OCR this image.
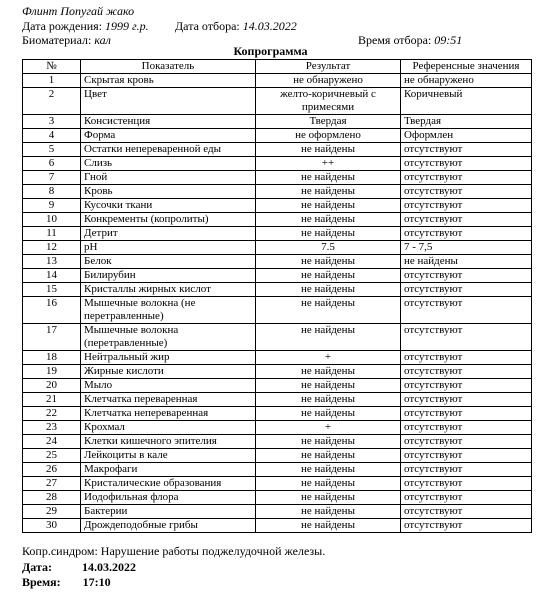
Флинт Попугай жако
Дата рождения: 1999 г.р. Дата отбора: 14.03.2022
Биоматериал: кал	Время отбора: 09:51
Копрограмма
№	Показатель	Результат	Референсные значения
1	Скрытая кровь	не обнаружено	не обнаружено
2	Цвет	желто-коричневый с примесями	Коричневый
3	Консистенция	Твердая	Твердая
4	Форма	не оформлено	Оформлен
5	Остатки непереваренной еды	не найдены	отсутствуют
6	Слизь	++	отсутствуют
7	Гной	не найдены	отсутствуют
8	Кровь	не найдены	отсутствуют
9	Кусочки ткани	не найдены	отсутствуют
10	Конкременты (копролиты)	не найдены	отсутствуют
11	Детрит	не найдены	отсутствуют
12	pH	7.5	7 - 7,5
13	Белок	не найдены	не найдены
14	Билирубин	не найдены	отсутствуют
15	Кристаллы жирных кислот	не найдены	отсутствуют
16	Мышечные волокна (не перетравленные)	не найдены	отсутствуют
17	Мышечные волокна (перетравленные)	не найдены	отсутствуют
18	Нейтральный жир	+	отсутствуют
19	Жирные кислоти	не найдены	отсутствуют
20	Мыло	не найдены	отсутствуют
21	Клетчатка переваренная	не найдены	отсутствуют
22	Клетчатка непереваренная	не найдены	отсутствуют
23	Крохмал	+	отсутствуют
24	Клетки кишечного эпителия	не найдены	отсутствуют
25	Лейкоциты в кале	не найдены	отсутствуют
26	Макрофаги	не найдены	отсутствуют
27	Кристалические образования	не найдены	отсутствуют
28	Иодофильная флора	не найдены	отсутствуют
29	Бактерии	не найдены	отсутствуют
30	Дрождеподобные грибы	не найдены	отсутствуют
Копр.синдром: Нарушение работы поджелудочной железы.
Дата:	14.03.2022
Время: 17:10
